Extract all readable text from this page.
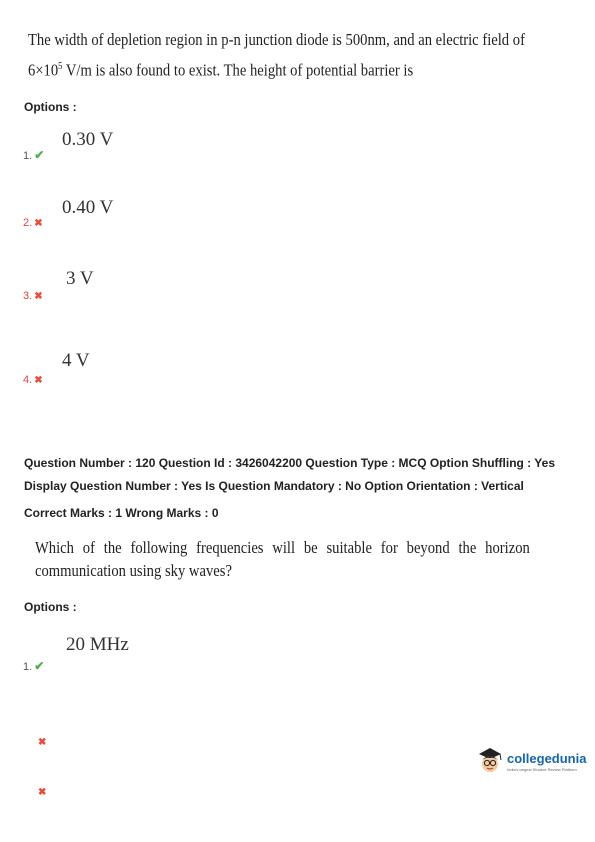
The width of depletion region in p-n junction diode is 500nm, and an electric field of
$6\times 10^5$ V/m is also found to exist. The height of potential barrier is
Options :
0.30 V
1. ✔
0.40 V
2. ✖
3 V
3. ✖
4 V
4. ✖
Question Number : 120 Question Id : 3426042200 Question Type : MCQ Option Shuffling : Yes
Display Question Number : Yes Is Question Mandatory : No Option Orientation : Vertical
Correct Marks : 1 Wrong Marks : 0
Which of the following frequencies will be suitable for beyond the horizon
communication using sky waves?
Options :
20 MHz
1. ✔
✖
✖
collegedunia
India's largest Student Review Platform
